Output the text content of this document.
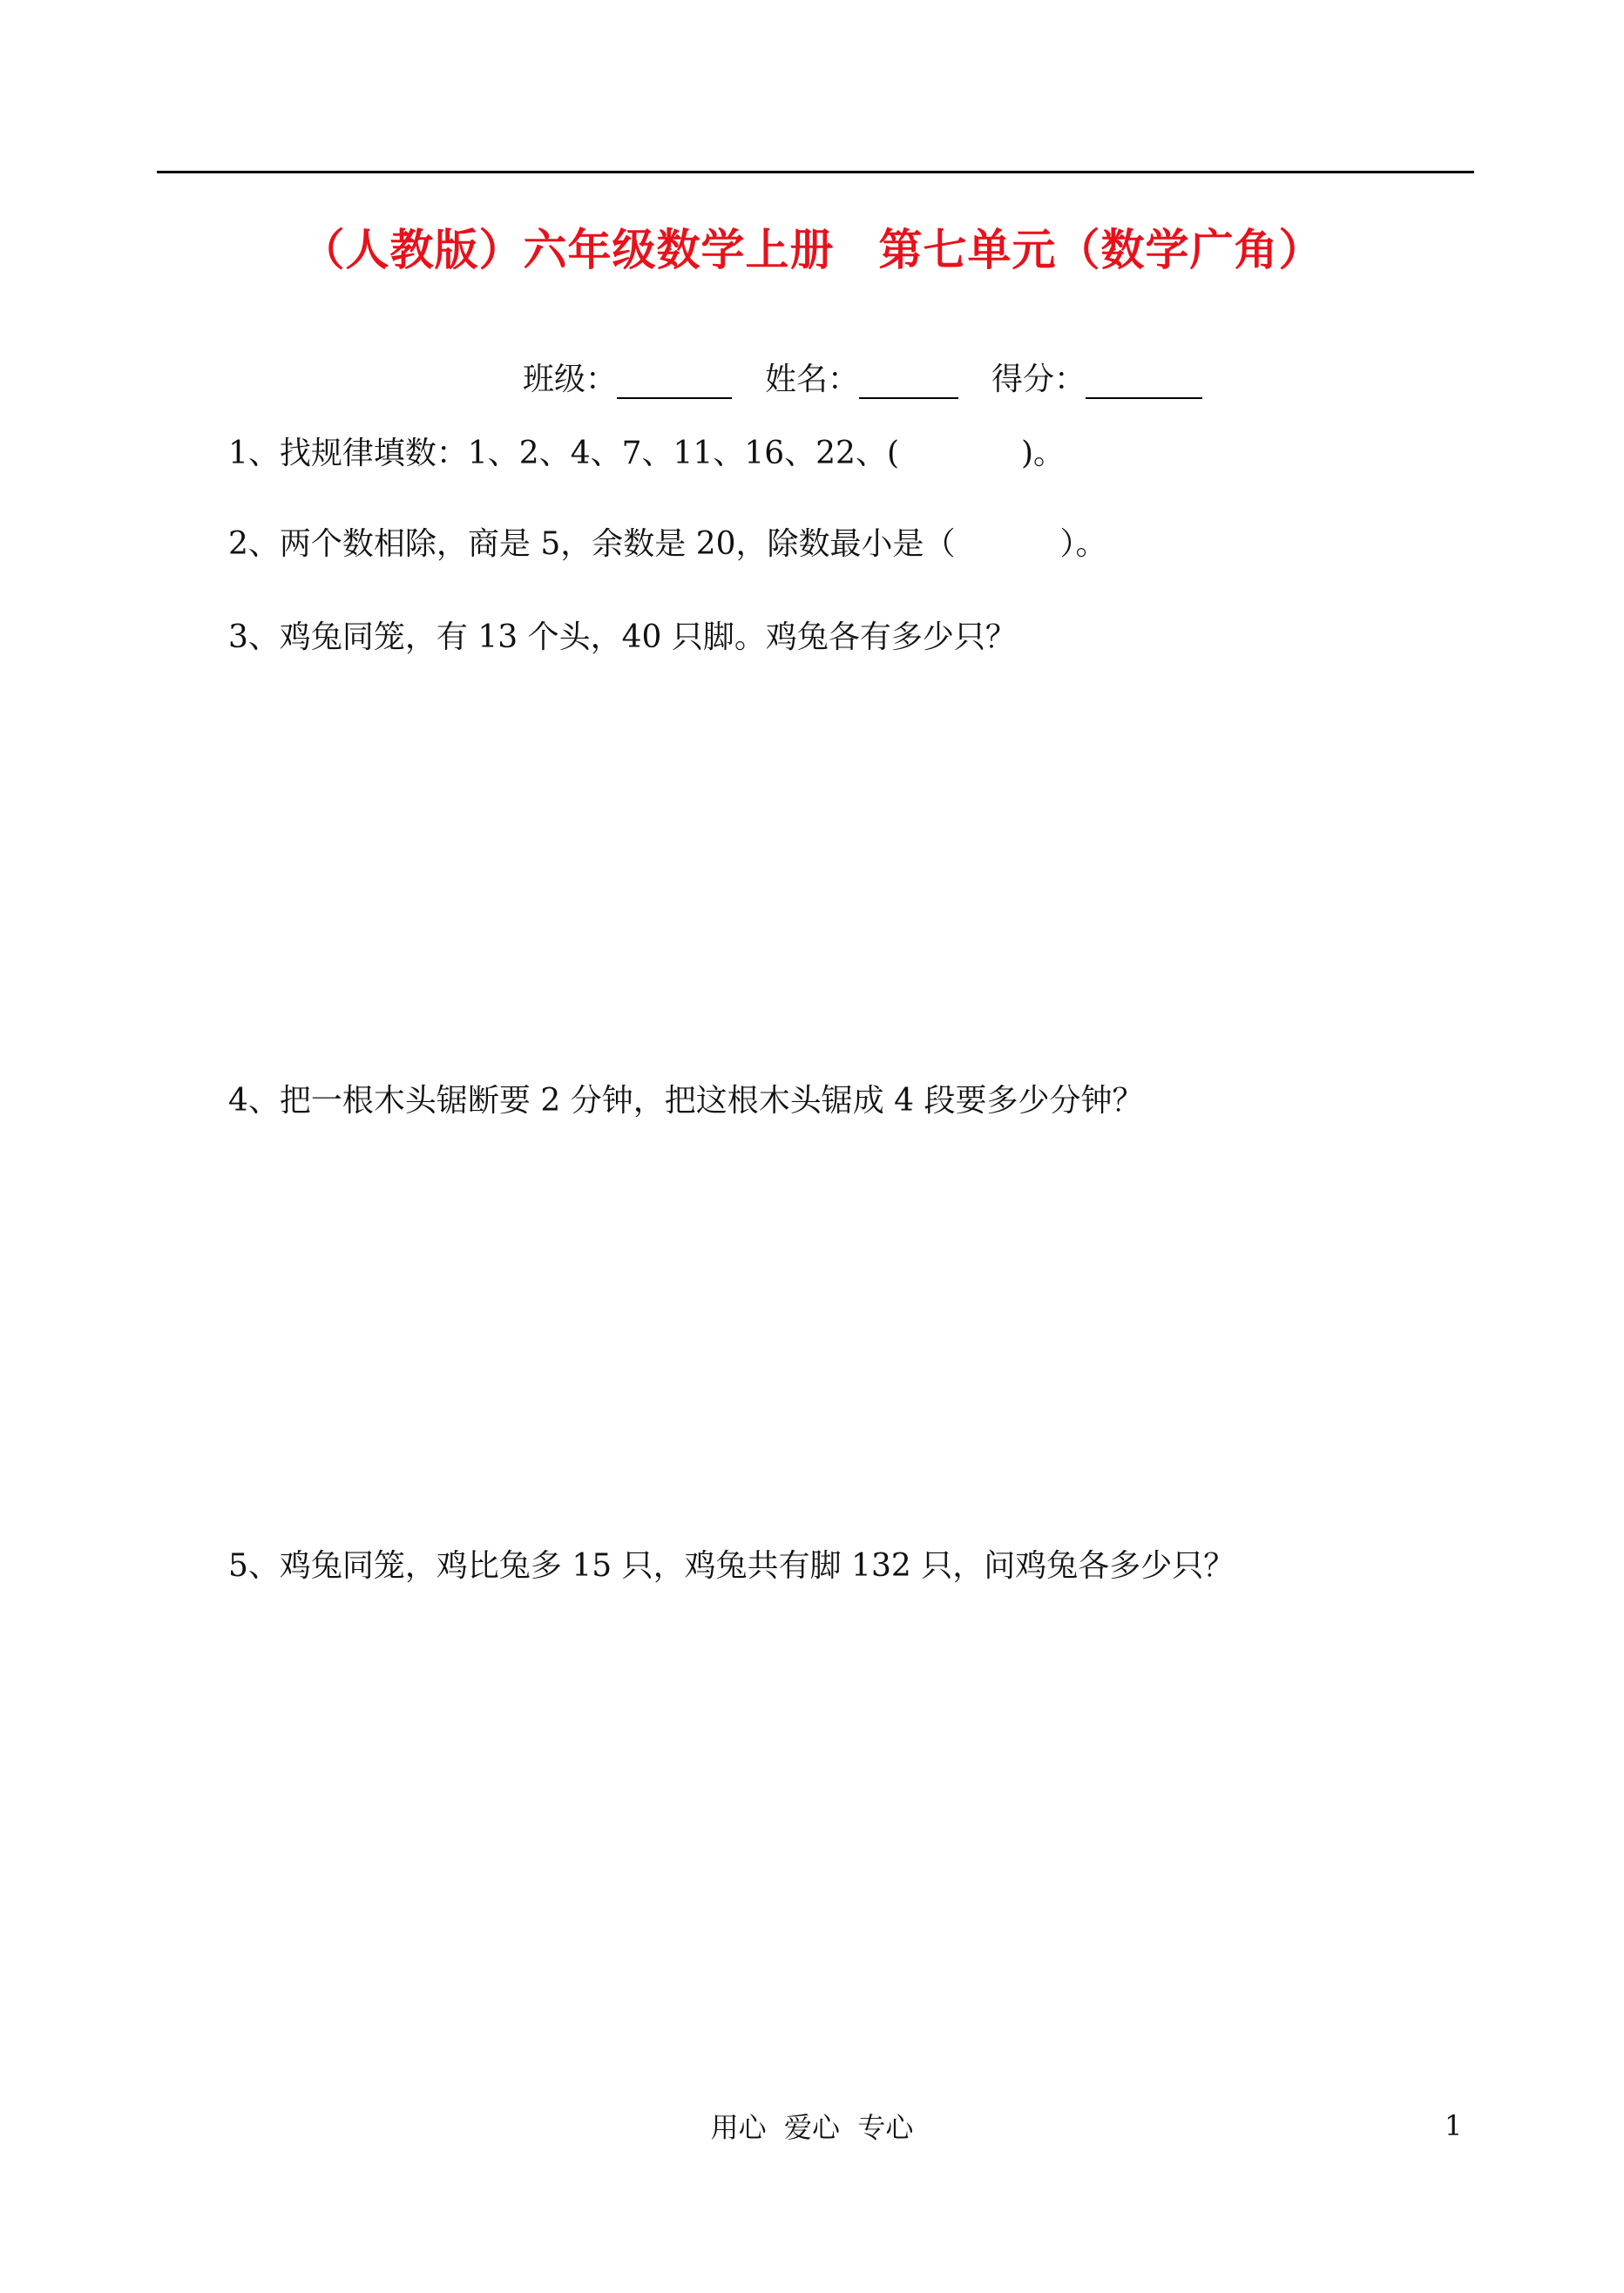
（人教版）六年级数学上册　第七单元（数学广角）
班级：	姓名：	得分：
1、找规律填数：1、2、4、7、11、16、22、(	)。
2、两个数相除，商是 5，余数是 20，除数最小是（	）。
3、鸡兔同笼，有 13 个头，40 只脚。鸡兔各有多少只？
4、把一根木头锯断要 2 分钟，把这根木头锯成 4 段要多少分钟？
5、鸡兔同笼，鸡比兔多 15 只，鸡兔共有脚 132 只，问鸡兔各多少只？
用心  爱心  专心	1
